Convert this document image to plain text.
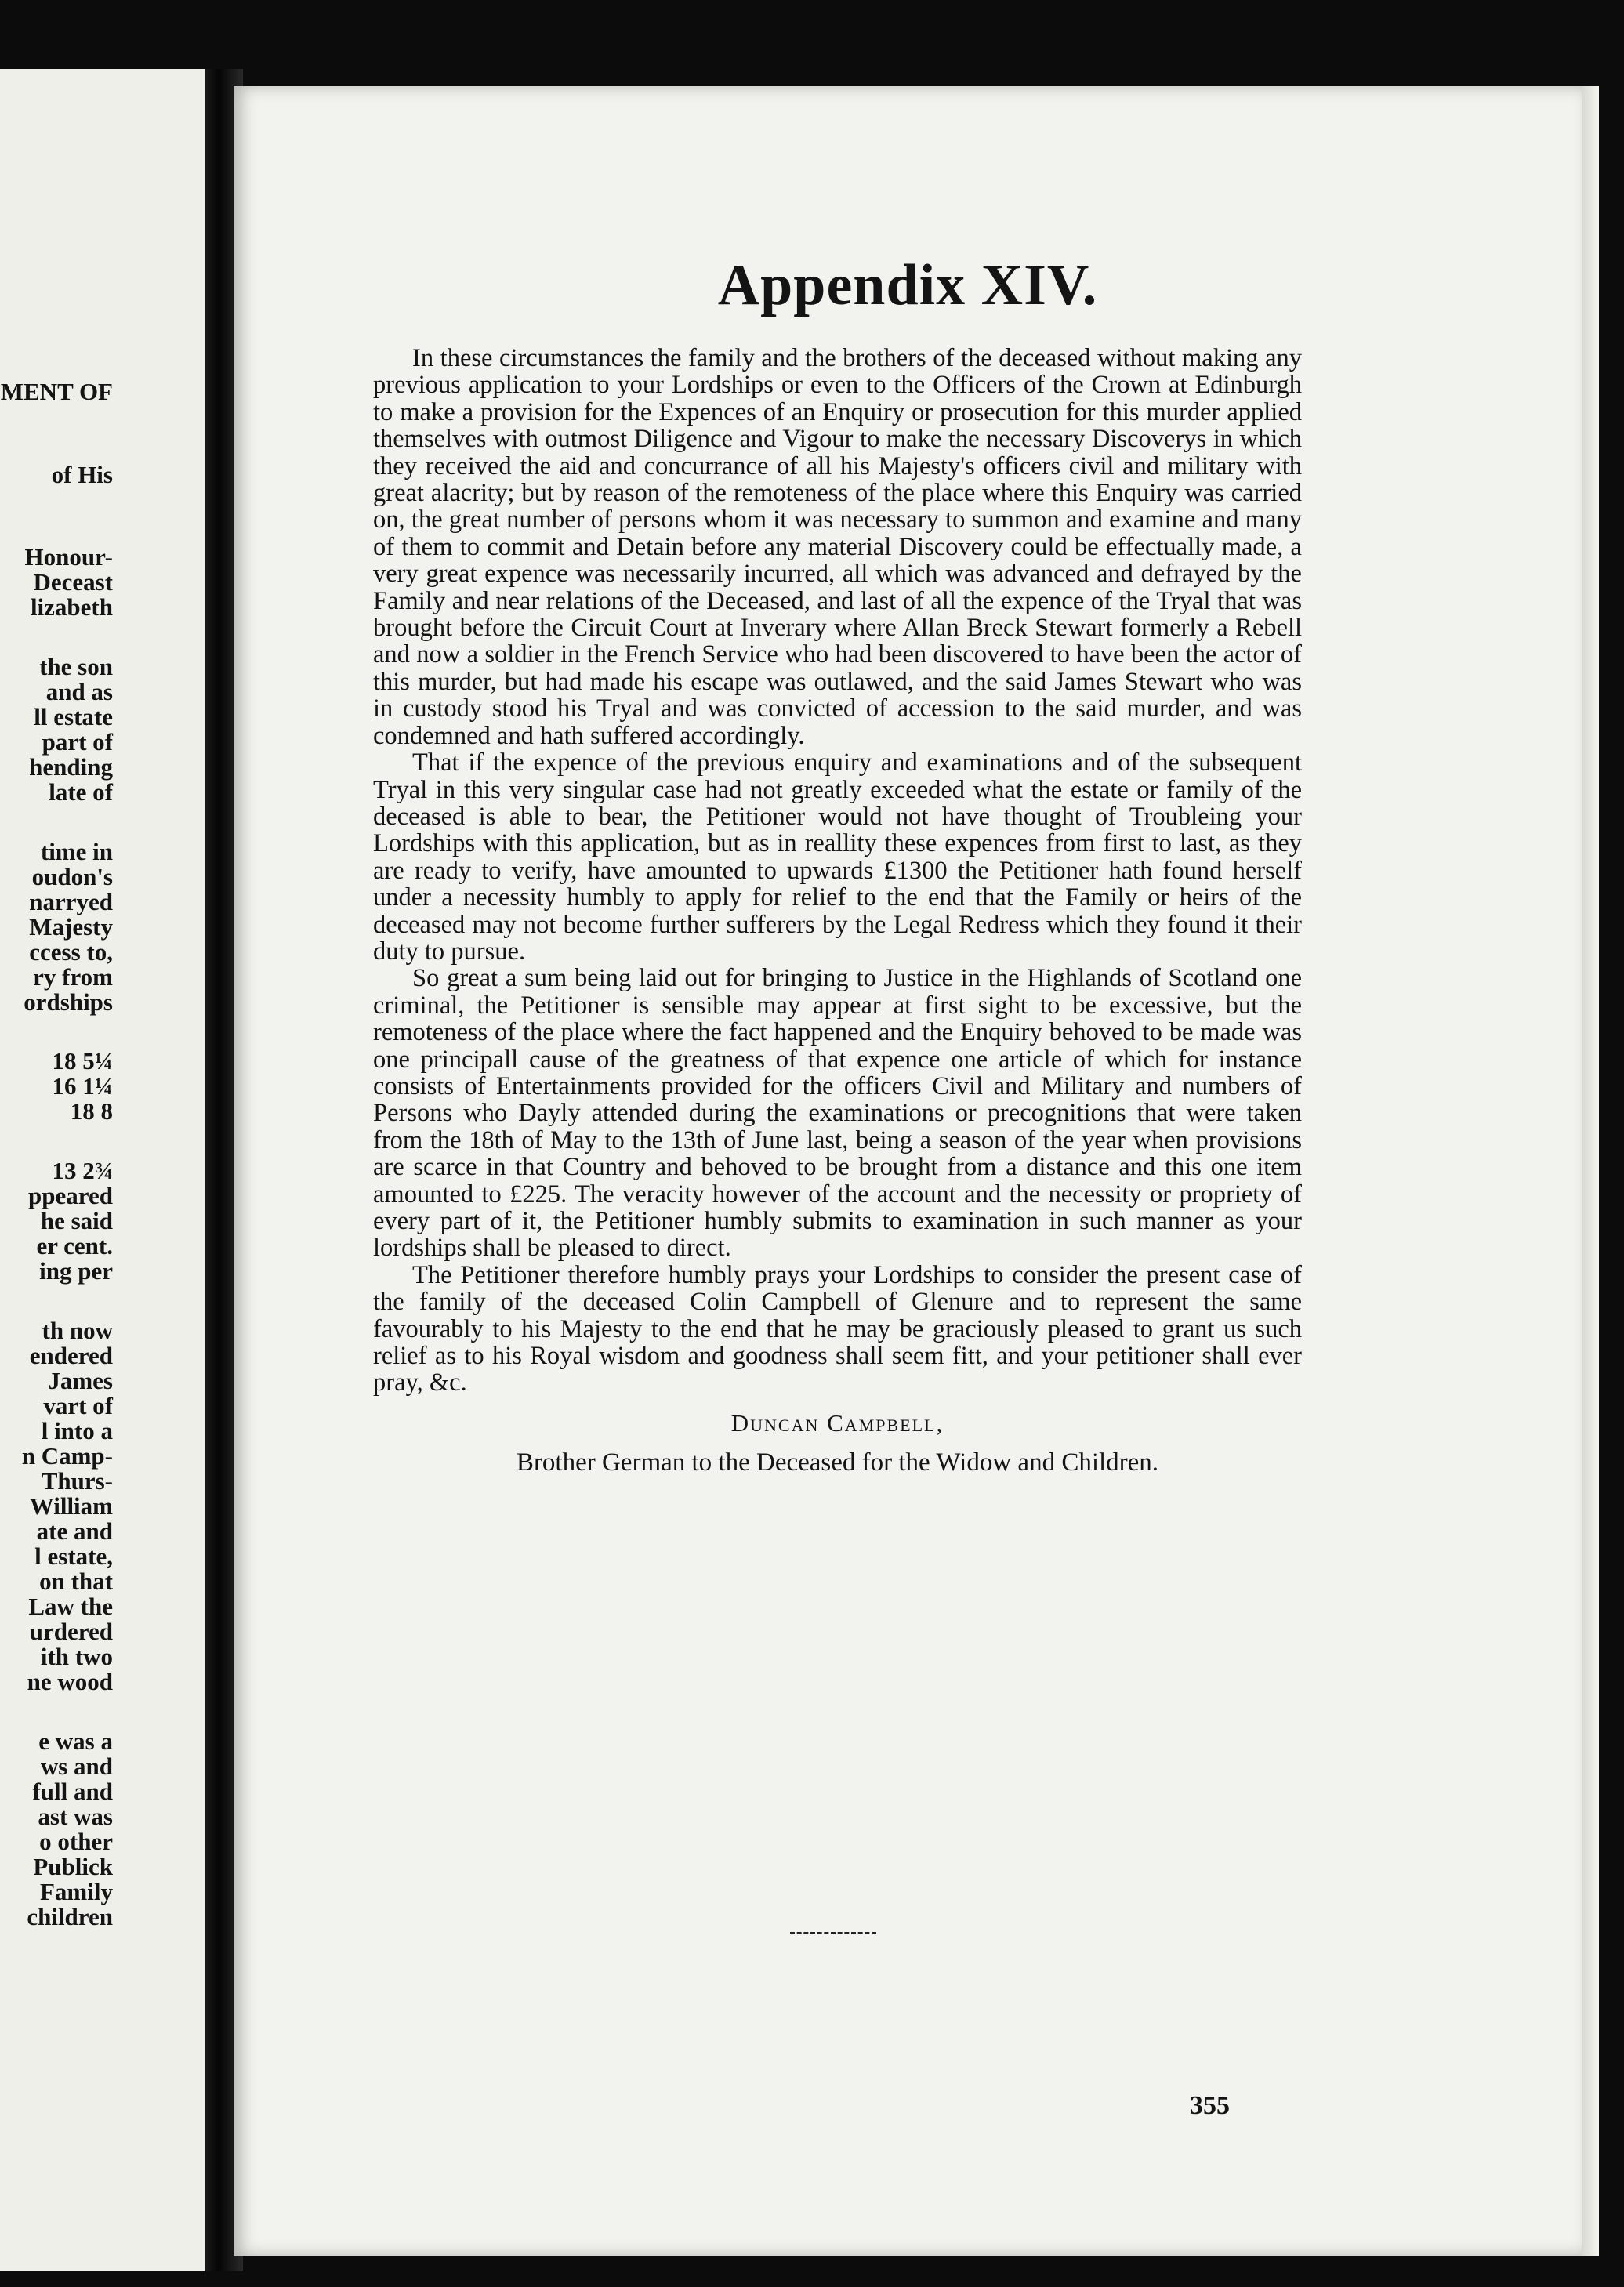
MENT OF
of His
Honour-
Deceast
lizabeth
the son
and as
ll estate
part of
hending
late of
time in
oudon's
narryed
Majesty
ccess to,
ry from
ordships
18 5¼
16 1¼
18 8
13 2¾
ppeared
he said
er cent.
ing per
th now
endered
James
vart of
l into a
n Camp-
Thurs-
William
ate and
l estate,
on that
Law the
urdered
ith two
ne wood
e was a
ws and
full and
ast was
o other
Publick
Family
children
Appendix XIV.

In these circumstances the family and the brothers of the deceased without making any previous application to your Lordships or even to the Officers of the Crown at Edinburgh to make a provision for the Expences of an Enquiry or prosecution for this murder applied themselves with outmost Diligence and Vigour to make the necessary Discoverys in which they received the aid and concurrance of all his Majesty's officers civil and military with great alacrity; but by reason of the remoteness of the place where this Enquiry was carried on, the great number of persons whom it was necessary to summon and examine and many of them to commit and Detain before any material Discovery could be effectually made, a very great expence was necessarily incurred, all which was advanced and defrayed by the Family and near relations of the Deceased, and last of all the expence of the Tryal that was brought before the Circuit Court at Inverary where Allan Breck Stewart formerly a Rebell and now a soldier in the French Service who had been discovered to have been the actor of this murder, but had made his escape was outlawed, and the said James Stewart who was in custody stood his Tryal and was convicted of accession to the said murder, and was condemned and hath suffered accordingly.

That if the expence of the previous enquiry and examinations and of the subsequent Tryal in this very singular case had not greatly exceeded what the estate or family of the deceased is able to bear, the Petitioner would not have thought of Troubleing your Lordships with this application, but as in reallity these expences from first to last, as they are ready to verify, have amounted to upwards £1300 the Petitioner hath found herself under a necessity humbly to apply for relief to the end that the Family or heirs of the deceased may not become further sufferers by the Legal Redress which they found it their duty to pursue.

So great a sum being laid out for bringing to Justice in the Highlands of Scotland one criminal, the Petitioner is sensible may appear at first sight to be excessive, but the remoteness of the place where the fact happened and the Enquiry behoved to be made was one principall cause of the greatness of that expence one article of which for instance consists of Entertainments provided for the officers Civil and Military and numbers of Persons who Dayly attended during the examinations or precognitions that were taken from the 18th of May to the 13th of June last, being a season of the year when provisions are scarce in that Country and behoved to be brought from a distance and this one item amounted to £225. The veracity however of the account and the necessity or propriety of every part of it, the Petitioner humbly submits to examination in such manner as your lordships shall be pleased to direct.

The Petitioner therefore humbly prays your Lordships to consider the present case of the family of the deceased Colin Campbell of Glenure and to represent the same favourably to his Majesty to the end that he may be graciously pleased to grant us such relief as to his Royal wisdom and goodness shall seem fitt, and your petitioner shall ever pray, &c.

Duncan Campbell,

Brother German to the Deceased for the Widow and Children.

355
